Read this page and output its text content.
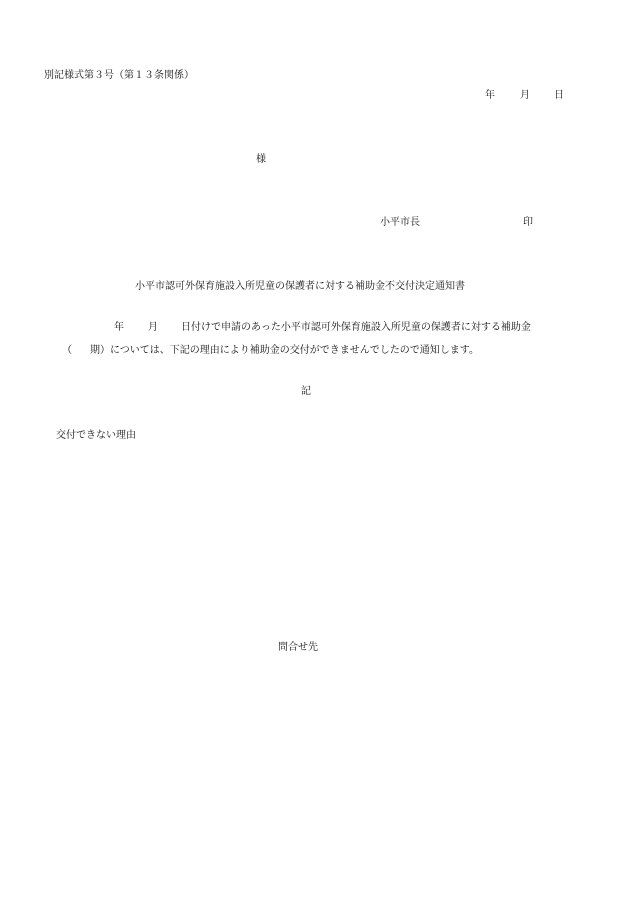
別記様式第３号（第１３条関係）
年	月 日
様
小平市長	印
小平市認可外保育施設入所児童の保護者に対する補助金不交付決定通知書
年 月 日付けで申請のあった小平市認可外保育施設入所児童の保護者に対する補助金
（ 期）については、下記の理由により補助金の交付ができませんでしたので通知します。
記
交付できない理由
問合せ先
